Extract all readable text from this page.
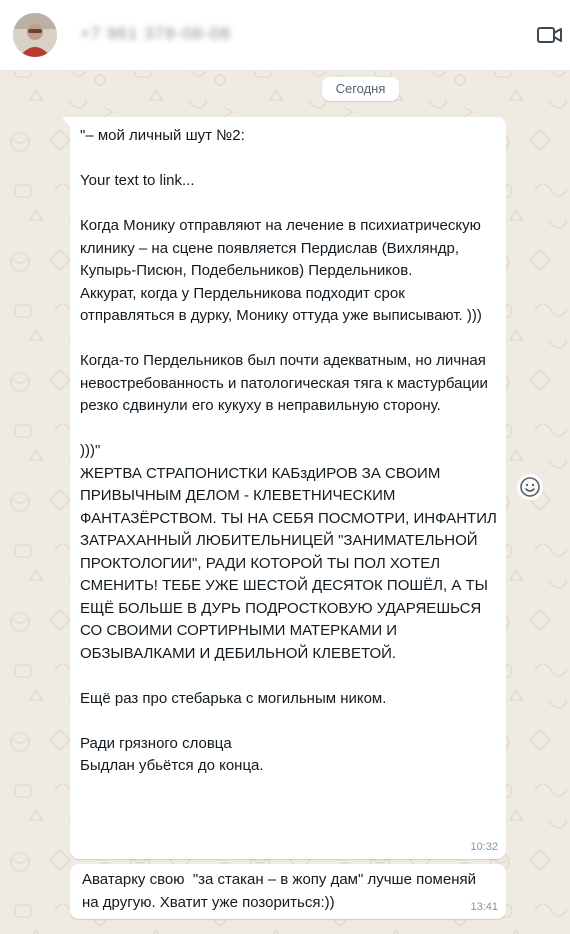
+7 961 378-08-08
Сегодня
"– мой личный шут №2:

Your text to link...

Когда Монику отправляют на лечение в психиатрическую клинику – на сцене появляется Пердислав (Вихляндр, Купырь-Писюн, Подебельников) Пердельников.
Аккурат, когда у Пердельникова подходит срок отправляться в дурку, Монику оттуда уже выписывают. )))

Когда-то Пердельников был почти адекватным, но личная невостребованность и патологическая тяга к мастурбации резко сдвинули его кукуху в неправильную сторону.

)))"
ЖЕРТВА СТРАПОНИСТКИ КАБздИРОВ ЗА СВОИМ ПРИВЫЧНЫМ ДЕЛОМ - КЛЕВЕТНИЧЕСКИМ ФАНТАЗЁРСТВОМ. ТЫ НА СЕБЯ ПОСМОТРИ, ИНФАНТИЛ ЗАТРАХАННЫЙ ЛЮБИТЕЛЬНИЦЕЙ "ЗАНИМАТЕЛЬНОЙ ПРОКТОЛОГИИ", РАДИ КОТОРОЙ ТЫ ПОЛ ХОТЕЛ СМЕНИТЬ! ТЕБЕ УЖЕ ШЕСТОЙ ДЕСЯТОК ПОШЁЛ, А ТЫ ЕЩЁ БОЛЬШЕ В ДУРЬ ПОДРОСТКОВУЮ УДАРЯЕШЬСЯ СО СВОИМИ СОРТИРНЫМИ МАТЕРКАМИ И ОБЗЫВАЛКАМИ И ДЕБИЛЬНОЙ КЛЕВЕТОЙ.

Ещё раз про стебарька с могильным ником.

Ради грязного словца
Быдлан убьётся до конца.
10:32
Аватарку свою  "за стакан – в жопу дам" лучше поменяй на другую. Хватит уже позориться:))	13:41
